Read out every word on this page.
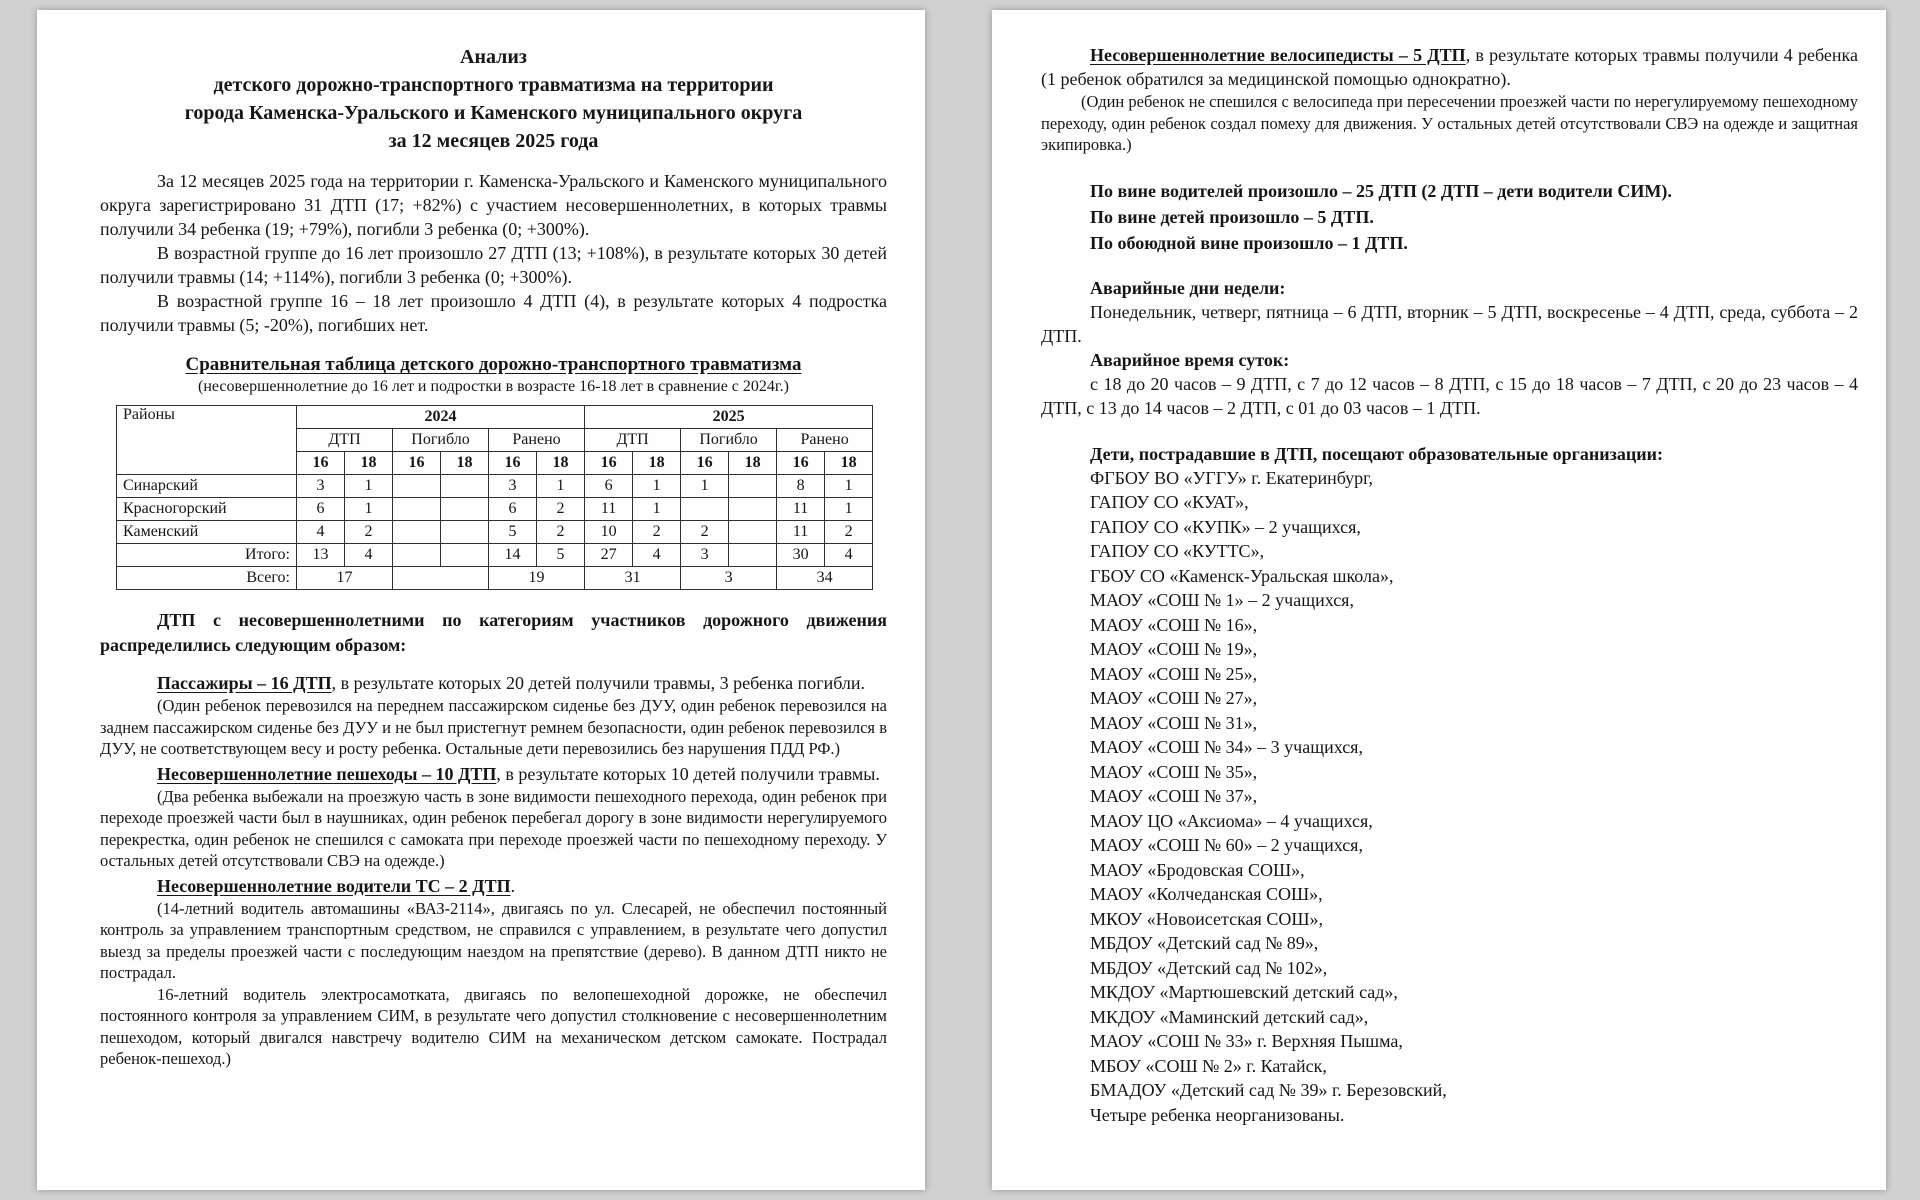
Анализ
детского дорожно-транспортного травматизма на территории
города Каменска-Уральского и Каменского муниципального округа
за 12 месяцев 2025 года

За 12 месяцев 2025 года на территории г. Каменска-Уральского и Каменского муниципального округа зарегистрировано 31 ДТП (17; +82%) с участием несовершеннолетних, в которых травмы получили 34 ребенка (19; +79%), погибли 3 ребенка (0; +300%).

В возрастной группе до 16 лет произошло 27 ДТП (13; +108%), в результате которых 30 детей получили травмы (14; +114%), погибли 3 ребенка (0; +300%).

В возрастной группе 16 – 18 лет произошло 4 ДТП (4), в результате которых 4 подростка получили травмы (5; -20%), погибших нет.

Сравнительная таблица детского дорожно-транспортного травматизма
(несовершеннолетние до 16 лет и подростки в возрасте 16-18 лет в сравнение с 2024г.)
Районы	2024						2025					
	ДТП		Погибло		Ранено		ДТП		Погибло		Ранено	
	16	18	16	18	16	18	16	18	16	18	16	18
Синарский	3	1			3	1	6	1	1		8	1
Красногорский	6	1			6	2	11	1			11	1
Каменский	4	2			5	2	10	2	2		11	2
Итого:	13	4			14	5	27	4	3		30	4
Всего:	17				19		31		3		34	

ДТП с несовершеннолетними по категориям участников дорожного движения распределились следующим образом:

Пассажиры – 16 ДТП, в результате которых 20 детей получили травмы, 3 ребенка погибли.

(Один ребенок перевозился на переднем пассажирском сиденье без ДУУ, один ребенок перевозился на заднем пассажирском сиденье без ДУУ и не был пристегнут ремнем безопасности, один ребенок перевозился в ДУУ, не соответствующем весу и росту ребенка. Остальные дети перевозились без нарушения ПДД РФ.)

Несовершеннолетние пешеходы – 10 ДТП, в результате которых 10 детей получили травмы.

(Два ребенка выбежали на проезжую часть в зоне видимости пешеходного перехода, один ребенок при переходе проезжей части был в наушниках, один ребенок перебегал дорогу в зоне видимости нерегулируемого перекрестка, один ребенок не спешился с самоката при переходе проезжей части по пешеходному переходу. У остальных детей отсутствовали СВЭ на одежде.)

Несовершеннолетние водители ТС – 2 ДТП.

(14-летний водитель автомашины «ВАЗ-2114», двигаясь по ул. Слесарей, не обеспечил постоянный контроль за управлением транспортным средством, не справился с управлением, в результате чего допустил выезд за пределы проезжей части с последующим наездом на препятствие (дерево). В данном ДТП никто не пострадал.

16-летний водитель электросамотката, двигаясь по велопешеходной дорожке, не обеспечил постоянного контроля за управлением СИМ, в результате чего допустил столкновение с несовершеннолетним пешеходом, который двигался навстречу водителю СИМ на механическом детском самокате. Пострадал ребенок-пешеход.)

Несовершеннолетние велосипедисты – 5 ДТП, в результате которых травмы получили 4 ребенка (1 ребенок обратился за медицинской помощью однократно).

(Один ребенок не спешился с велосипеда при пересечении проезжей части по нерегулируемому пешеходному переходу, один ребенок создал помеху для движения. У остальных детей отсутствовали СВЭ на одежде и защитная экипировка.)

По вине водителей произошло – 25 ДТП (2 ДТП – дети водители СИМ).

По вине детей произошло – 5 ДТП.

По обоюдной вине произошло – 1 ДТП.

Аварийные дни недели:

Понедельник, четверг, пятница – 6 ДТП, вторник – 5 ДТП, воскресенье – 4 ДТП, среда, суббота – 2 ДТП.

Аварийное время суток:

с 18 до 20 часов – 9 ДТП, с 7 до 12 часов – 8 ДТП, с 15 до 18 часов – 7 ДТП, с 20 до 23 часов – 4 ДТП, с 13 до 14 часов – 2 ДТП, с 01 до 03 часов – 1 ДТП.

Дети, пострадавшие в ДТП, посещают образовательные организации:

ФГБОУ ВО «УГГУ» г. Екатеринбург,
ГАПОУ СО «КУАТ»,
ГАПОУ СО «КУПК» – 2 учащихся,
ГАПОУ СО «КУТТС»,
ГБОУ СО «Каменск-Уральская школа»,
МАОУ «СОШ № 1» – 2 учащихся,
МАОУ «СОШ № 16»,
МАОУ «СОШ № 19»,
МАОУ «СОШ № 25»,
МАОУ «СОШ № 27»,
МАОУ «СОШ № 31»,
МАОУ «СОШ № 34» – 3 учащихся,
МАОУ «СОШ № 35»,
МАОУ «СОШ № 37»,
МАОУ ЦО «Аксиома» – 4 учащихся,
МАОУ «СОШ № 60» – 2 учащихся,
МАОУ «Бродовская СОШ»,
МАОУ «Колчеданская СОШ»,
МКОУ «Новоисетская СОШ»,
МБДОУ «Детский сад № 89»,
МБДОУ «Детский сад № 102»,
МКДОУ «Мартюшевский детский сад»,
МКДОУ «Маминский детский сад»,
МАОУ «СОШ № 33» г. Верхняя Пышма,
МБОУ «СОШ № 2» г. Катайск,
БМАДОУ «Детский сад № 39» г. Березовский,
Четыре ребенка неорганизованы.
